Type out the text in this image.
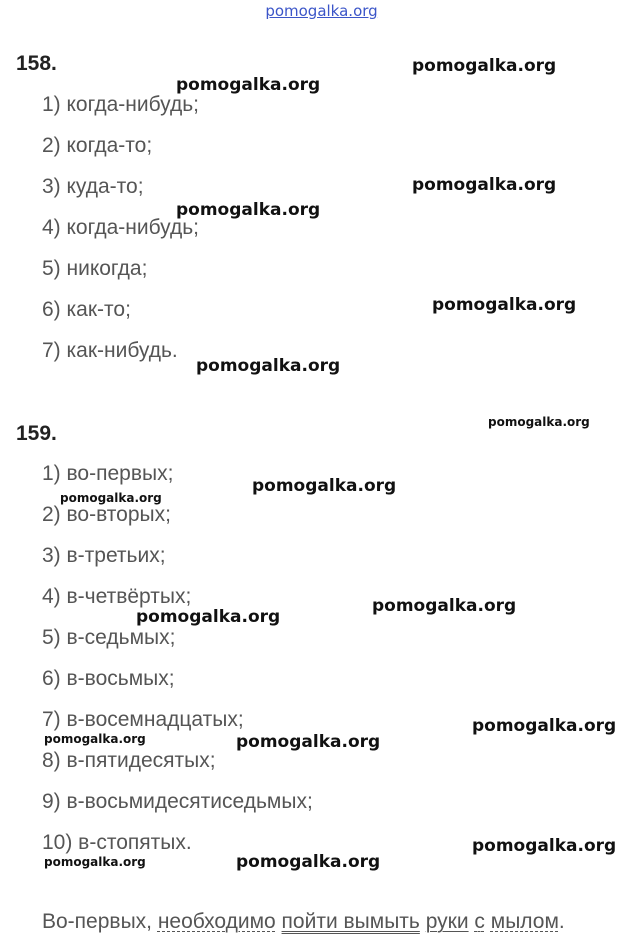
pomogalka.org
158.
1) когда-нибудь;
2) когда-то;
3) куда-то;
4) когда-нибудь;
5) никогда;
6) как-то;
7) как-нибудь.
159.
1) во-первых;
2) во-вторых;
3) в-третьих;
4) в-четвёртых;
5) в-седьмых;
6) в-восьмых;
7) в-восемнадцатых;
8) в-пятидесятых;
9) в-восьмидесятиседьмых;
10) в-стопятых.
Во-первых, необходимо пойти вымыть руки с мылом.
pomogalka.org
pomogalka.org
pomogalka.org
pomogalka.org
pomogalka.org
pomogalka.org
pomogalka.org
pomogalka.org
pomogalka.org
pomogalka.org
pomogalka.org
pomogalka.org
pomogalka.org	pomogalka.org
pomogalka.org
pomogalka.org	pomogalka.org
